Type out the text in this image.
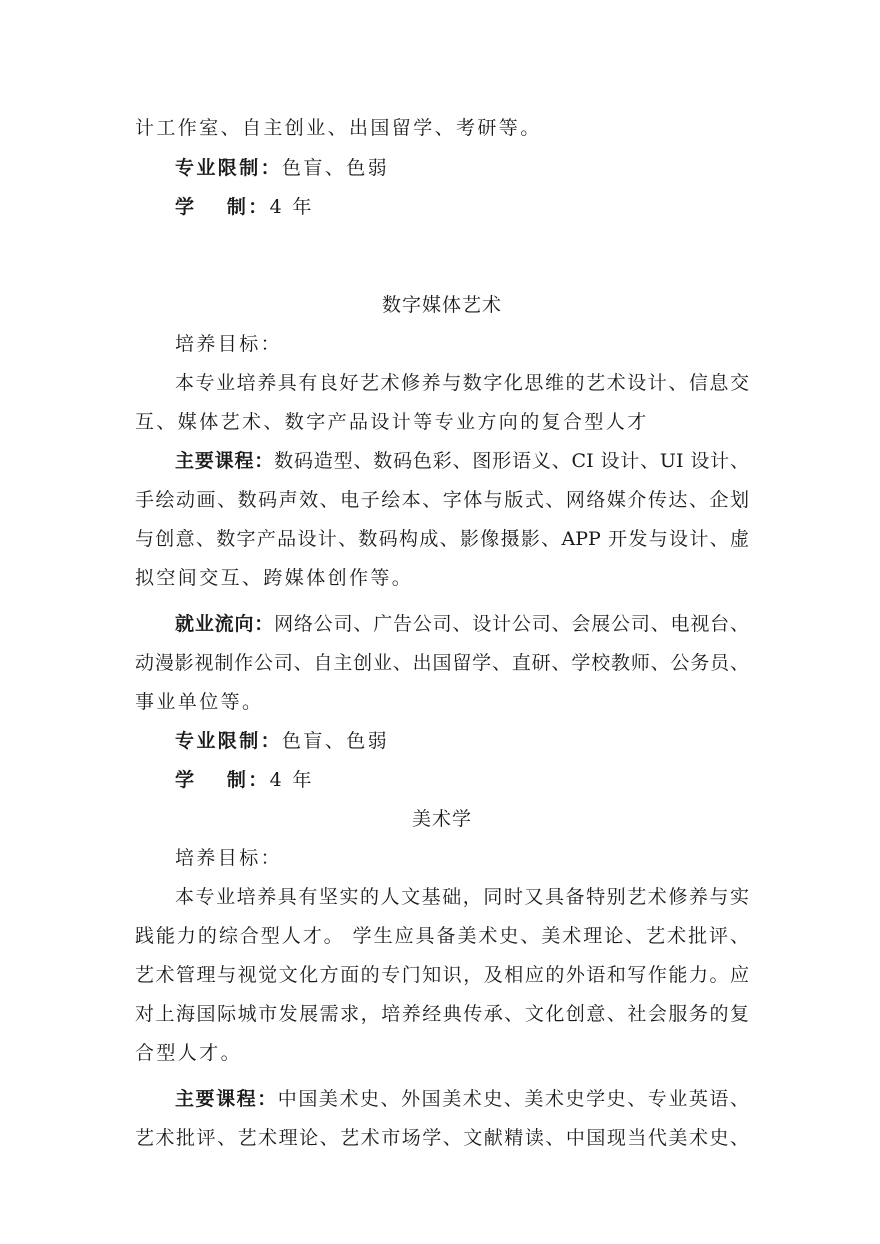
计工作室、自主创业、出国留学、考研等。
专业限制：色盲、色弱
学　 制：4 年
数字媒体艺术
培养目标：
本专业培养具有良好艺术修养与数字化思维的艺术设计、信息交
互、媒体艺术、数字产品设计等专业方向的复合型人才
主要课程：数码造型、数码色彩、图形语义、CI 设计、UI 设计、
手绘动画、数码声效、电子绘本、字体与版式、网络媒介传达、企划
与创意、数字产品设计、数码构成、影像摄影、APP 开发与设计、虚
拟空间交互、跨媒体创作等。
就业流向：网络公司、广告公司、设计公司、会展公司、电视台、
动漫影视制作公司、自主创业、出国留学、直研、学校教师、公务员、
事业单位等。
专业限制：色盲、色弱
学　 制：4 年
美术学
培养目标：
本专业培养具有坚实的人文基础，同时又具备特别艺术修养与实
践能力的综合型人才。 学生应具备美术史、美术理论、艺术批评、
艺术管理与视觉文化方面的专门知识，及相应的外语和写作能力。应
对上海国际城市发展需求，培养经典传承、文化创意、社会服务的复
合型人才。
主要课程：中国美术史、外国美术史、美术史学史、专业英语、
艺术批评、艺术理论、艺术市场学、文献精读、中国现当代美术史、
